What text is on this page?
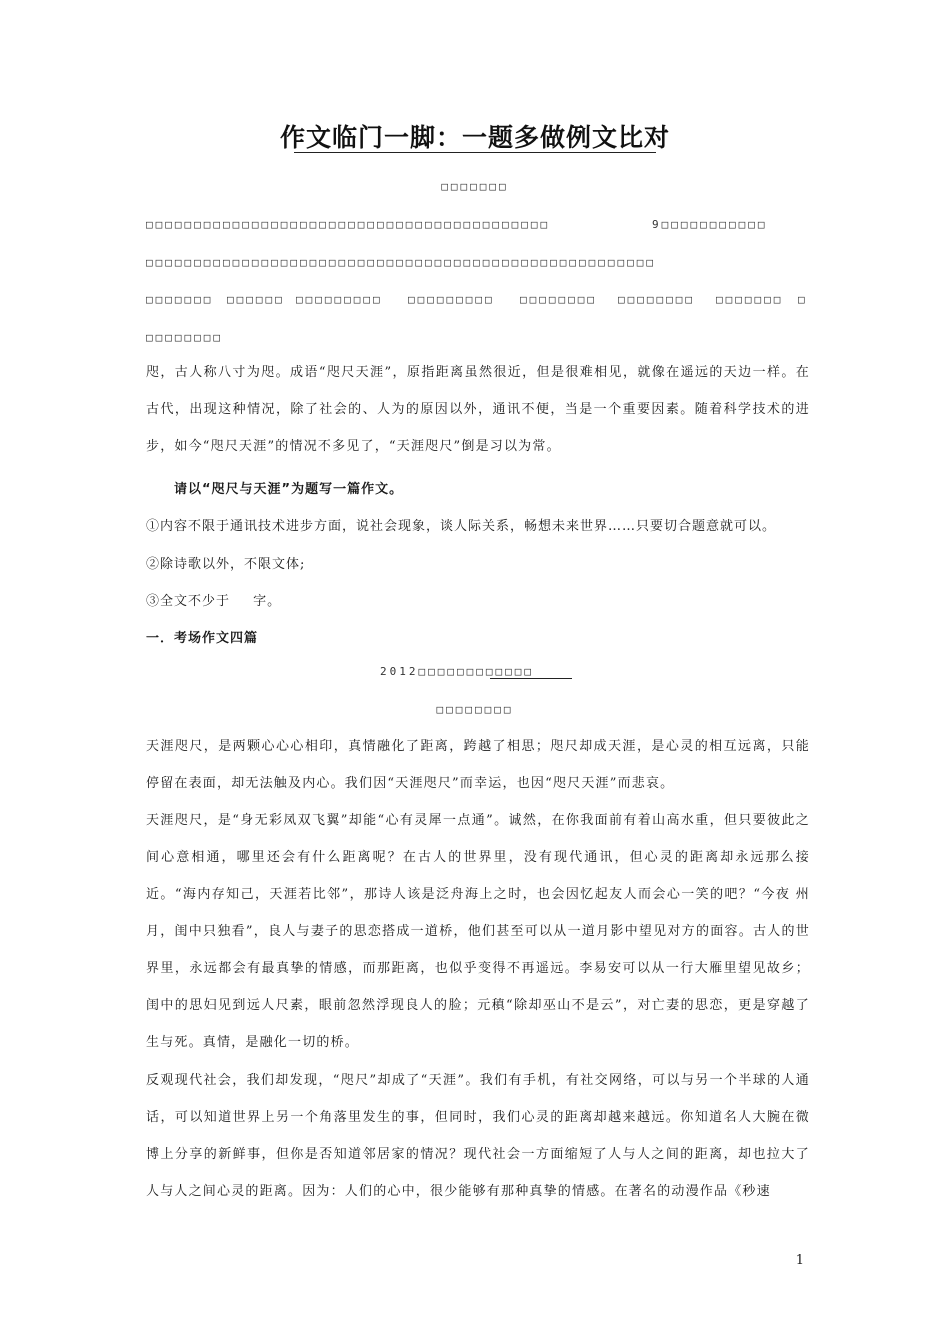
作文临门一脚：一题多做例文比对
□□□□□□□
□□□□□□□□□□□□□□□□□□□□□□□□□□□□□□□□□□□□□□□□□□	9□□□□□□□□□□□
□□□□□□□□□□□□□□□□□□□□□□□□□□□□□□□□□□□□□□□□□□□□□□□□□□□□□
□□□□□□□ □□□□□□ □□□□□□□□□ □□□□□□□□□ □□□□□□□□ □□□□□□□□ □□□□□□□ □
□□□□□□□□
咫，古人称八寸为咫。成语“咫尺天涯”，原指距离虽然很近，但是很难相见，就像在遥远的天边一样。在古代，出现这种情况，除了社会的、人为的原因以外，通讯不便，当是一个重要因素。随着科学技术的进步，如今“咫尺天涯”的情况不多见了，“天涯咫尺”倒是习以为常。
请以“咫尺与天涯”为题写一篇作文。
①内容不限于通讯技术进步方面，说社会现象，谈人际关系，畅想未来世界……只要切合题意就可以。
②除诗歌以外，不限文体;
③全文不少于 字。
一．考场作文四篇
2012□□□□□□□□□□□□
□□□□□□□□
天涯咫尺，是两颗心心心相印，真情融化了距离，跨越了相思；咫尺却成天涯，是心灵的相互远离，只能停留在表面，却无法触及内心。我们因“天涯咫尺”而幸运，也因“咫尺天涯”而悲哀。
天涯咫尺，是“身无彩凤双飞翼”却能“心有灵犀一点通”。诚然，在你我面前有着山高水重，但只要彼此之间心意相通，哪里还会有什么距离呢？在古人的世界里，没有现代通讯，但心灵的距离却永远那么接近。“海内存知己，天涯若比邻”，那诗人该是泛舟海上之时，也会因忆起友人而会心一笑的吧？“今夜 州月，闺中只独看”，良人与妻子的思恋搭成一道桥，他们甚至可以从一道月影中望见对方的面容。古人的世界里，永远都会有最真挚的情感，而那距离，也似乎变得不再遥远。李易安可以从一行大雁里望见故乡；闺中的思妇见到远人尺素，眼前忽然浮现良人的脸；元稹“除却巫山不是云”，对亡妻的思恋，更是穿越了生与死。真情，是融化一切的桥。
反观现代社会，我们却发现，“咫尺”却成了“天涯”。我们有手机，有社交网络，可以与另一个半球的人通话，可以知道世界上另一个角落里发生的事，但同时，我们心灵的距离却越来越远。你知道名人大腕在微博上分享的新鲜事，但你是否知道邻居家的情况？现代社会一方面缩短了人与人之间的距离，却也拉大了人与人之间心灵的距离。因为：人们的心中，很少能够有那种真挚的情感。在著名的动漫作品《秒速
1
